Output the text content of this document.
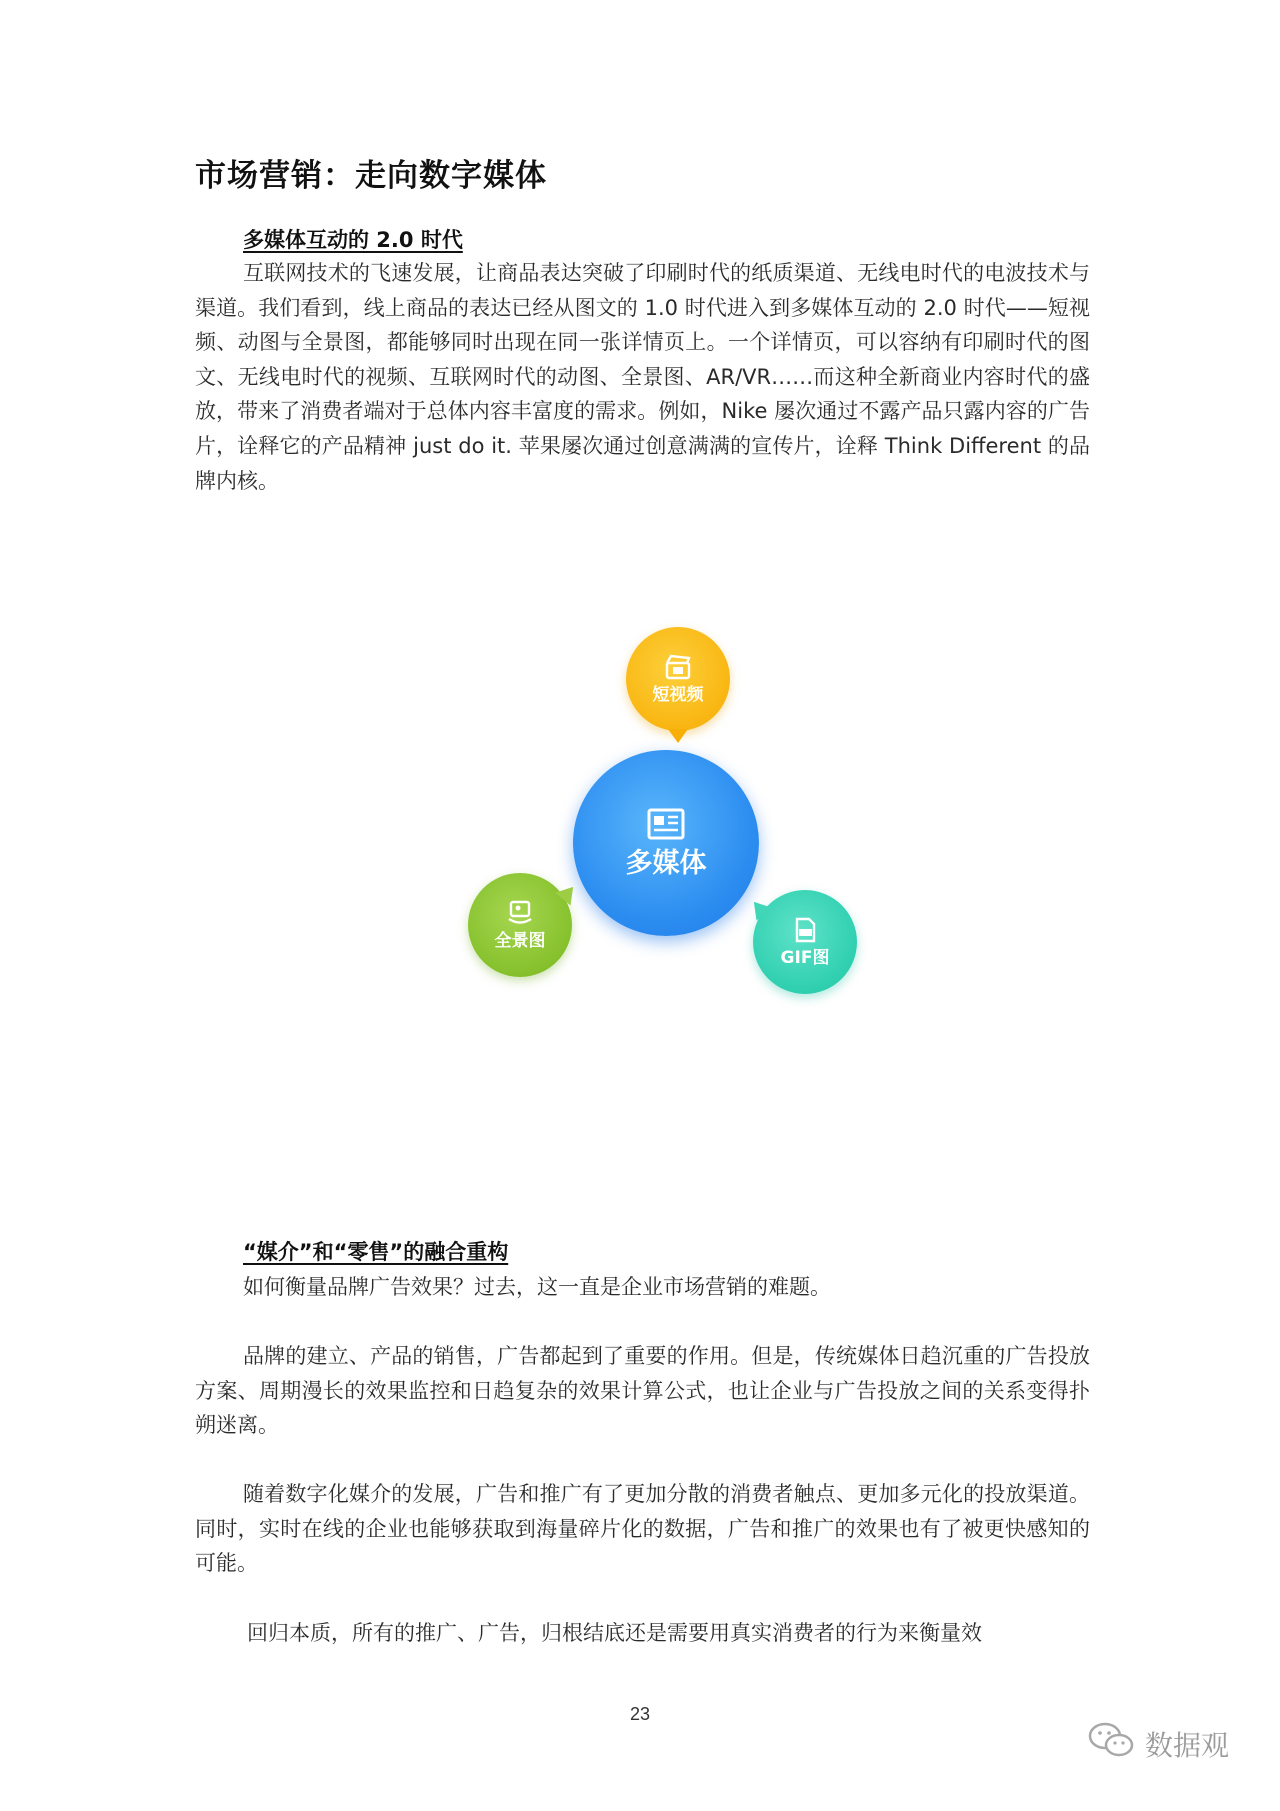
市场营销：走向数字媒体
多媒体互动的 2.0 时代

互联网技术的飞速发展，让商品表达突破了印刷时代的纸质渠道、无线电时代的电波技术与渠道。我们看到，线上商品的表达已经从图文的 1.0 时代进入到多媒体互动的 2.0 时代——短视频、动图与全景图，都能够同时出现在同一张详情页上。一个详情页，可以容纳有印刷时代的图文、无线电时代的视频、互联网时代的动图、全景图、AR/VR……而这种全新商业内容时代的盛放，带来了消费者端对于总体内容丰富度的需求。例如，Nike 屡次通过不露产品只露内容的广告片，诠释它的产品精神 just do it. 苹果屡次通过创意满满的宣传片，诠释 Think Different 的品牌内核。

短视频
多媒体
全景图
GIF图
“媒介”和“零售”的融合重构

如何衡量品牌广告效果？过去，这一直是企业市场营销的难题。

品牌的建立、产品的销售，广告都起到了重要的作用。但是，传统媒体日趋沉重的广告投放方案、周期漫长的效果监控和日趋复杂的效果计算公式，也让企业与广告投放之间的关系变得扑朔迷离。

随着数字化媒介的发展，广告和推广有了更加分散的消费者触点、更加多元化的投放渠道。同时，实时在线的企业也能够获取到海量碎片化的数据，广告和推广的效果也有了被更快感知的可能。

回归本质，所有的推广、广告，归根结底还是需要用真实消费者的行为来衡量效

23
数据观
